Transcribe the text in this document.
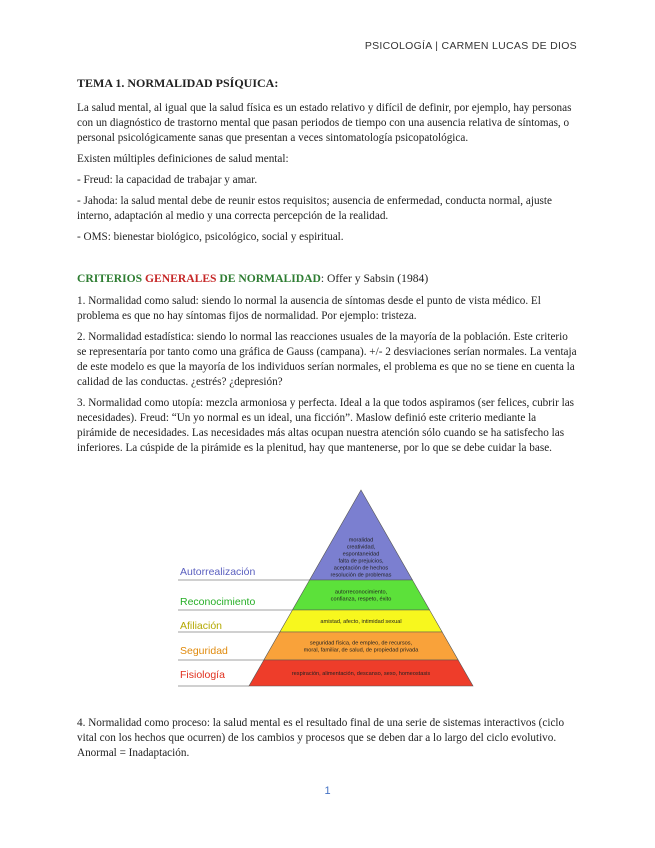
PSICOLOGÍA | CARMEN LUCAS DE DIOS

TEMA 1. NORMALIDAD PSÍQUICA:

La salud mental, al igual que la salud física es un estado relativo y difícil de definir, por ejemplo, hay personas con un diagnóstico de trastorno mental que pasan periodos de tiempo con una ausencia relativa de síntomas, o personal psicológicamente sanas que presentan a veces sintomatología psicopatológica.

Existen múltiples definiciones de salud mental:

- Freud: la capacidad de trabajar y amar.

- Jahoda: la salud mental debe de reunir estos requisitos; ausencia de enfermedad, conducta normal, ajuste interno, adaptación al medio y una correcta percepción de la realidad.

- OMS: bienestar biológico, psicológico, social y espiritual.

CRITERIOS GENERALES DE NORMALIDAD: Offer y Sabsin (1984)

1. Normalidad como salud: siendo lo normal la ausencia de síntomas desde el punto de vista médico. El problema es que no hay síntomas fijos de normalidad. Por ejemplo: tristeza.

2. Normalidad estadística: siendo lo normal las reacciones usuales de la mayoría de la población. Este criterio se representaría por tanto como una gráfica de Gauss (campana). +/- 2 desviaciones serían normales. La ventaja de este modelo es que la mayoría de los individuos serían normales, el problema es que no se tiene en cuenta la calidad de las conductas. ¿estrés? ¿depresión?

3. Normalidad como utopía: mezcla armoniosa y perfecta. Ideal a la que todos aspiramos (ser felices, cubrir las necesidades). Freud: “Un yo normal es un ideal, una ficción”. Maslow definió este criterio mediante la pirámide de necesidades. Las necesidades más altas ocupan nuestra atención sólo cuando se ha satisfecho las inferiores. La cúspide de la pirámide es la plenitud, hay que mantenerse, por lo que se debe cuidar la base.

Autorrealización
moralidad
creatividad,
espontaneidad
falta de prejuicios,
aceptación de hechos
resolución de problemas
Reconocimiento
autorreconocimiento,
confianza, respeto, éxito
Afiliación	amistad, afecto, intimidad sexual
Seguridad
seguridad física, de empleo, de recursos,
moral, familiar, de salud, de propiedad privada
Fisiología	respiración, alimentación, descanso, sexo, homeostasis
4. Normalidad como proceso: la salud mental es el resultado final de una serie de sistemas interactivos (ciclo vital con los hechos que ocurren) de los cambios y procesos que se deben dar a lo largo del ciclo evolutivo. Anormal = Inadaptación.
1
